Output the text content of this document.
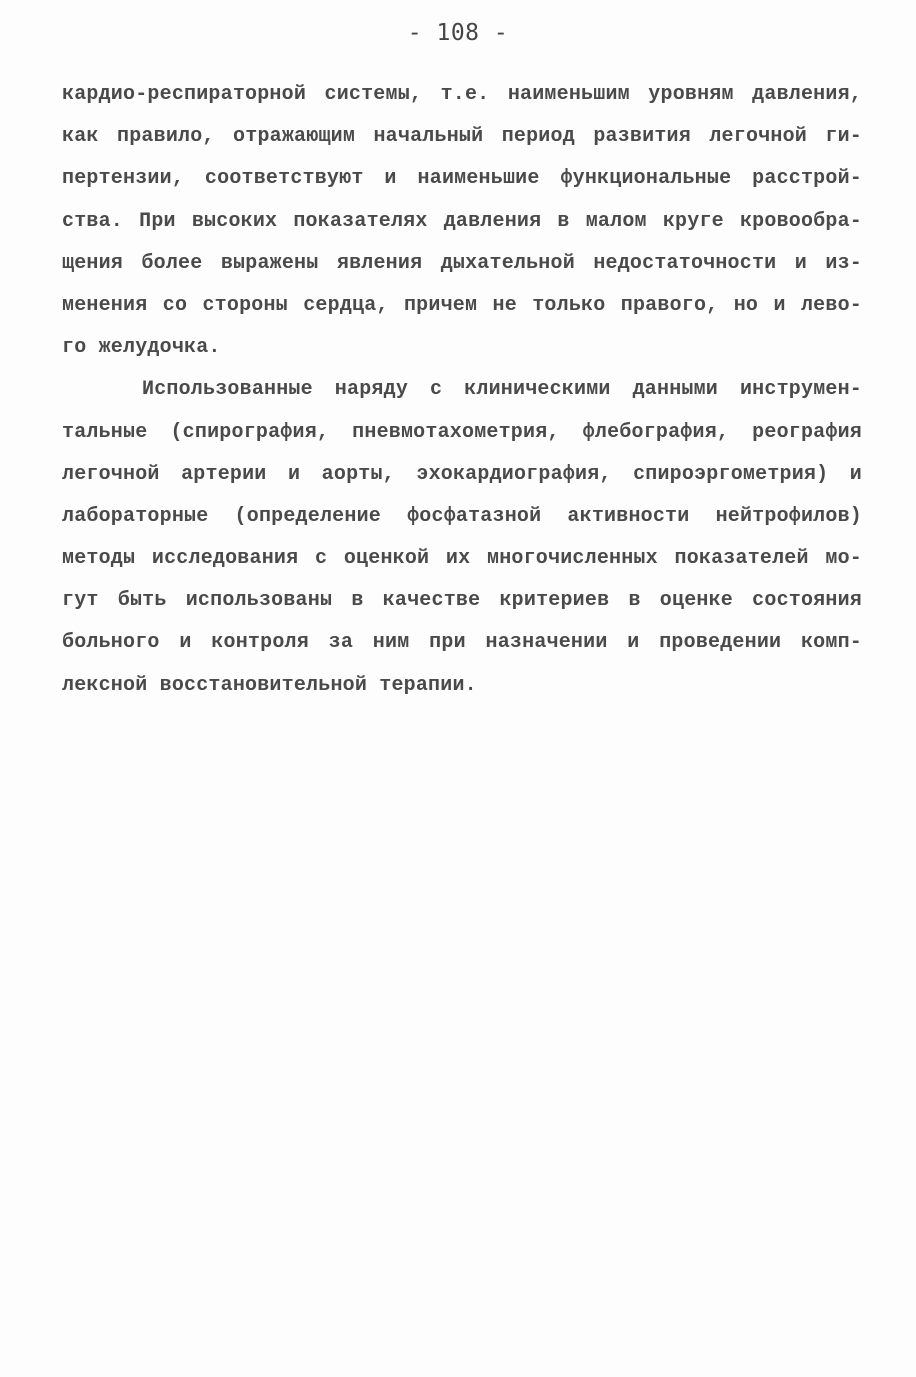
- 108 -
кардио-респираторной системы, т.е. наименьшим уровням давления,
как правило, отражающим начальный период развития легочной ги-
пертензии, соответствуют и наименьшие функциональные расстрой-
ства. При высоких показателях давления в малом круге кровообра-
щения более выражены явления дыхательной недостаточности и из-
менения со стороны сердца, причем не только правого, но и лево-
го желудочка.
Использованные наряду с клиническими данными инструмен-
тальные (спирография, пневмотахометрия, флебография, реография
легочной артерии и аорты, эхокардиография, спироэргометрия) и
лабораторные (определение фосфатазной активности нейтрофилов)
методы исследования с оценкой их многочисленных показателей мо-
гут быть использованы в качестве критериев в оценке состояния
больного и контроля за ним при назначении и проведении комп-
лексной восстановительной терапии.
